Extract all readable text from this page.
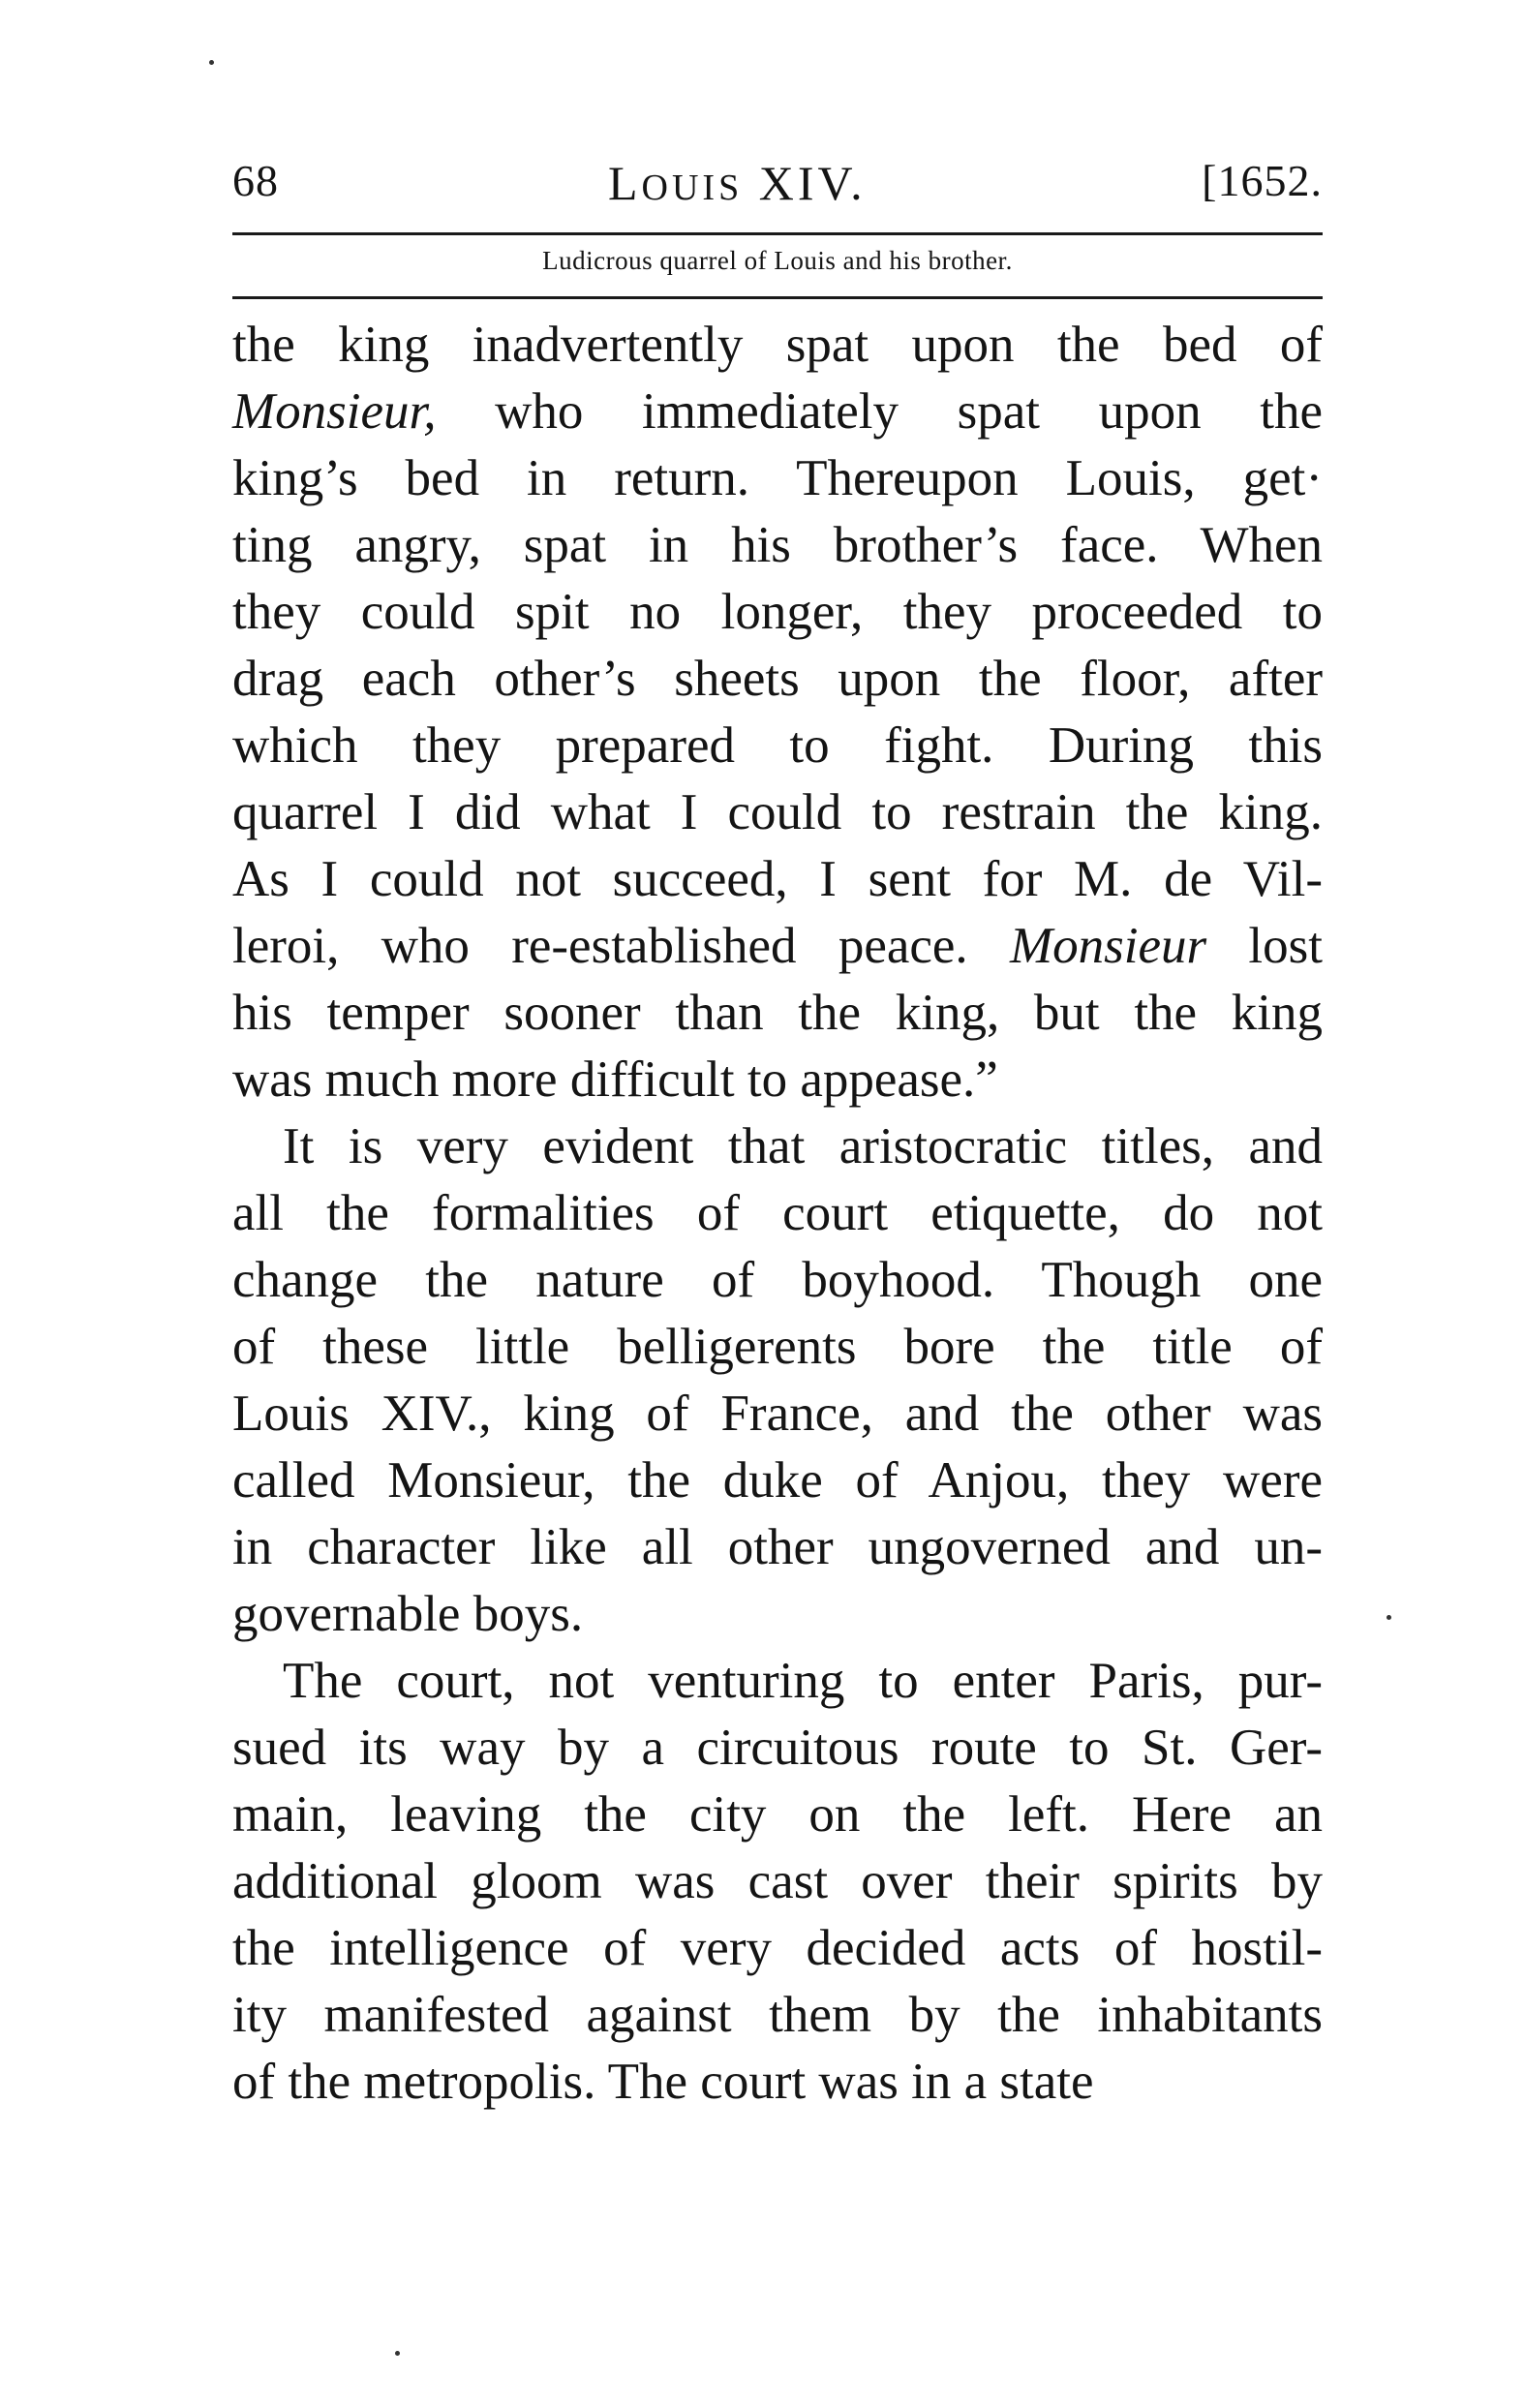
68	LOUIS XIV.	[1652.
Ludicrous quarrel of Louis and his brother.
the king inadvertently spat upon the bed of
Monsieur, who immediately spat upon the
king’s bed in return. Thereupon Louis, get·
ting angry, spat in his brother’s face. When
they could spit no longer, they proceeded to
drag each other’s sheets upon the floor, after
which they prepared to fight. During this
quarrel I did what I could to restrain the king.
As I could not succeed, I sent for M. de Vil-
leroi, who re-established peace. Monsieur lost
his temper sooner than the king, but the king
was much more difficult to appease.”
It is very evident that aristocratic titles, and
all the formalities of court etiquette, do not
change the nature of boyhood. Though one
of these little belligerents bore the title of
Louis XIV., king of France, and the other was
called Monsieur, the duke of Anjou, they were
in character like all other ungoverned and un-
governable boys.
The court, not venturing to enter Paris, pur-
sued its way by a circuitous route to St. Ger-
main, leaving the city on the left. Here an
additional gloom was cast over their spirits by
the intelligence of very decided acts of hostil-
ity manifested against them by the inhabitants
of the metropolis. The court was in a state
